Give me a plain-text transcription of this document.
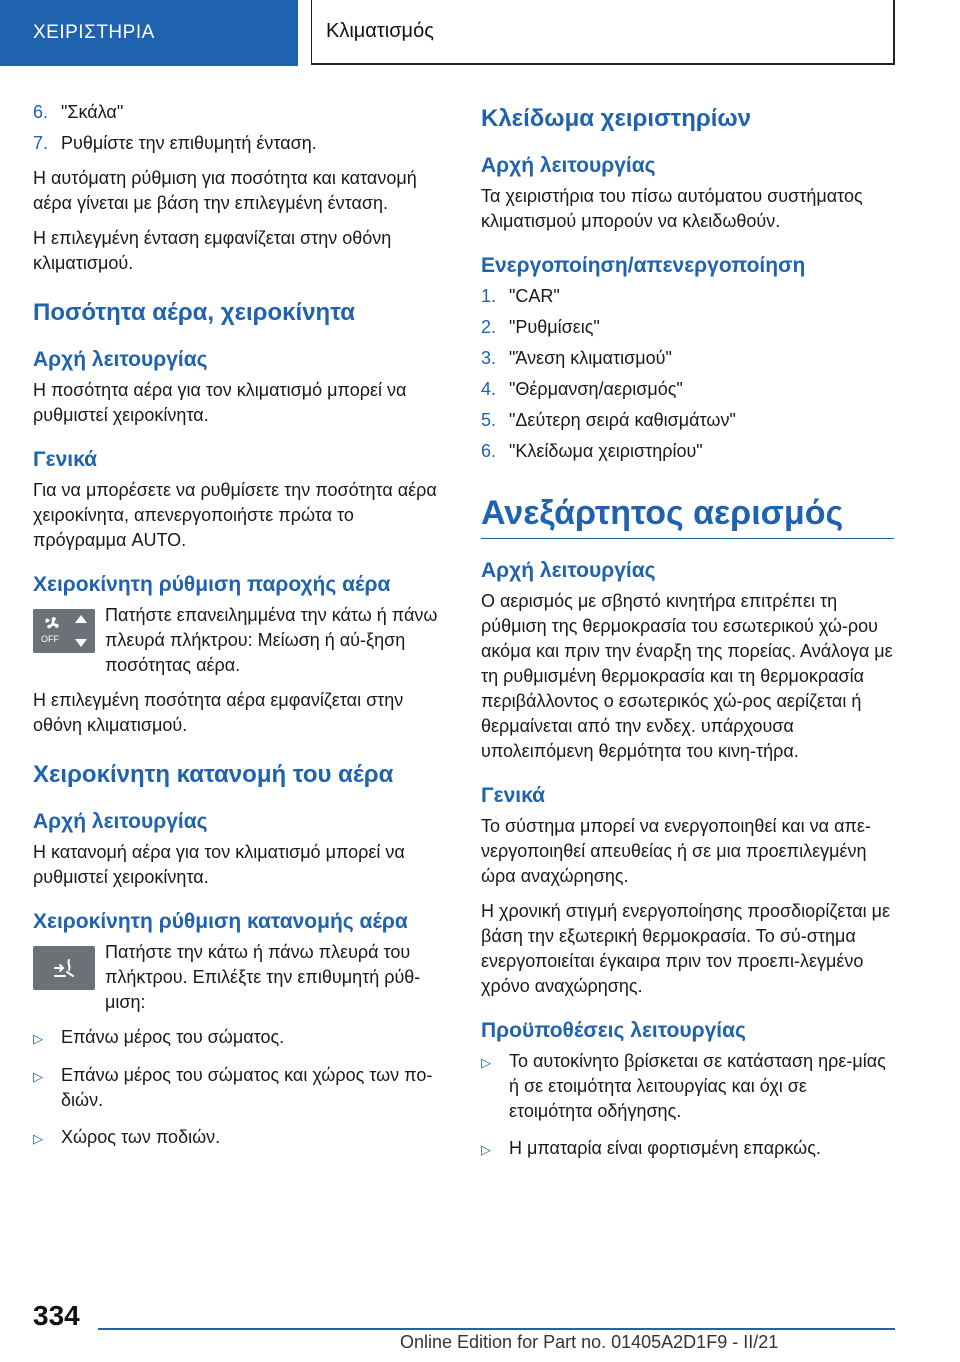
ΧΕΙΡΙΣΤΗΡΙΑ	Κλιματισμός
6. "Σκάλα"
7. Ρυθμίστε την επιθυμητή ένταση.

Η αυτόματη ρύθμιση για ποσότητα και κατανομή αέρα γίνεται με βάση την επιλεγμένη ένταση.

Η επιλεγμένη ένταση εμφανίζεται στην οθόνη κλιματισμού.

Ποσότητα αέρα, χειροκίνητα
Αρχή λειτουργίας

Η ποσότητα αέρα για τον κλιματισμό μπορεί να ρυθμιστεί χειροκίνητα.

Γενικά

Για να μπορέσετε να ρυθμίσετε την ποσότητα αέρα χειροκίνητα, απενεργοποιήστε πρώτα το πρόγραμμα AUTO.

Χειροκίνητη ρύθμιση παροχής αέρα
OFF

Πατήστε επανειλημμένα την κάτω ή πάνω πλευρά πλήκτρου: Μείωση ή αύ-ξηση ποσότητας αέρα.

Η επιλεγμένη ποσότητα αέρα εμφανίζεται στην οθόνη κλιματισμού.

Χειροκίνητη κατανομή του αέρα
Αρχή λειτουργίας

Η κατανομή αέρα για τον κλιματισμό μπορεί να ρυθμιστεί χειροκίνητα.

Χειροκίνητη ρύθμιση κατανομής αέρα

Πατήστε την κάτω ή πάνω πλευρά του πλήκτρου. Επιλέξτε την επιθυμητή ρύθ-μιση:

▷	Επάνω μέρος του σώματος.
▷	Επάνω μέρος του σώματος και χώρος των πο-διών.
▷	Χώρος των ποδιών.
Κλείδωμα χειριστηρίων
Αρχή λειτουργίας

Τα χειριστήρια του πίσω αυτόματου συστήματος κλιματισμού μπορούν να κλειδωθούν.

Ενεργοποίηση/απενεργοποίηση
1. "CAR"
2. "Ρυθμίσεις"
3. "Άνεση κλιματισμού"
4. "Θέρμανση/αερισμός"
5. "Δεύτερη σειρά καθισμάτων"
6. "Κλείδωμα χειριστηρίου"
Ανεξάρτητος αερισμός
Αρχή λειτουργίας

Ο αερισμός με σβηστό κινητήρα επιτρέπει τη ρύθμιση της θερμοκρασία του εσωτερικού χώ-ρου ακόμα και πριν την έναρξη της πορείας. Ανάλογα με τη ρυθμισμένη θερμοκρασία και τη θερμοκρασία περιβάλλοντος ο εσωτερικός χώ-ρος αερίζεται ή θερμαίνεται από την ενδεχ. υπάρχουσα υπολειπόμενη θερμότητα του κινη-τήρα.

Γενικά

Το σύστημα μπορεί να ενεργοποιηθεί και να απε-νεργοποιηθεί απευθείας ή σε μια προεπιλεγμένη ώρα αναχώρησης.

Η χρονική στιγμή ενεργοποίησης προσδιορίζεται με βάση την εξωτερική θερμοκρασία. Το σύ-στημα ενεργοποιείται έγκαιρα πριν τον προεπι-λεγμένο χρόνο αναχώρησης.

Προϋποθέσεις λειτουργίας
▷	Το αυτοκίνητο βρίσκεται σε κατάσταση ηρε-μίας ή σε ετοιμότητα λειτουργίας και όχι σε ετοιμότητα οδήγησης.
▷	Η μπαταρία είναι φορτισμένη επαρκώς.
334
Online Edition for Part no. 01405A2D1F9 - II/21
